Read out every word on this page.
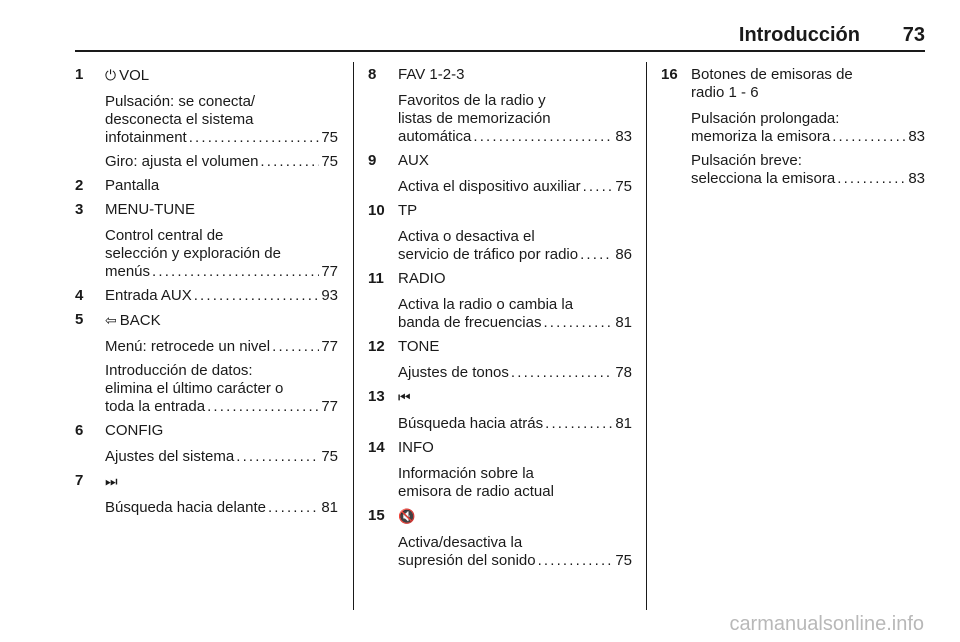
Introducción 73
1 ⏻ VOL
Pulsación: se conecta/
desconecta el sistema
infotainment . . .	75
Giro: ajusta el volumen . . .	75
2 Pantalla
3 MENU-TUNE
Control central de
selección y exploración de
menús . . .	77
4 Entrada AUX . . .	93
5 ⇦ BACK
Menú: retrocede un nivel . . .	77
Introducción de datos:
elimina el último carácter o
toda la entrada . . .	77
6 CONFIG
Ajustes del sistema . . .	75
7 ⏭
Búsqueda hacia delante . . .	81
8 FAV 1-2-3
Favoritos de la radio y
listas de memorización
automática . . .	83
9 AUX
Activa el dispositivo auxiliar . . . 75
10 TP
Activa o desactiva el
servicio de tráfico por radio . . . 86
11 RADIO
Activa la radio o cambia la
banda de frecuencias . . .	81
12 TONE
Ajustes de tonos . . .	78
13 ⏮
Búsqueda hacia atrás . . .	81
14 INFO
Información sobre la
emisora de radio actual
15 🔇
Activa/desactiva la
supresión del sonido . . .	75
16 Botones de emisoras de
radio 1 - 6
Pulsación prolongada:
memoriza la emisora . . .	83
Pulsación breve:
selecciona la emisora . . .	83
carmanualsonline.info
